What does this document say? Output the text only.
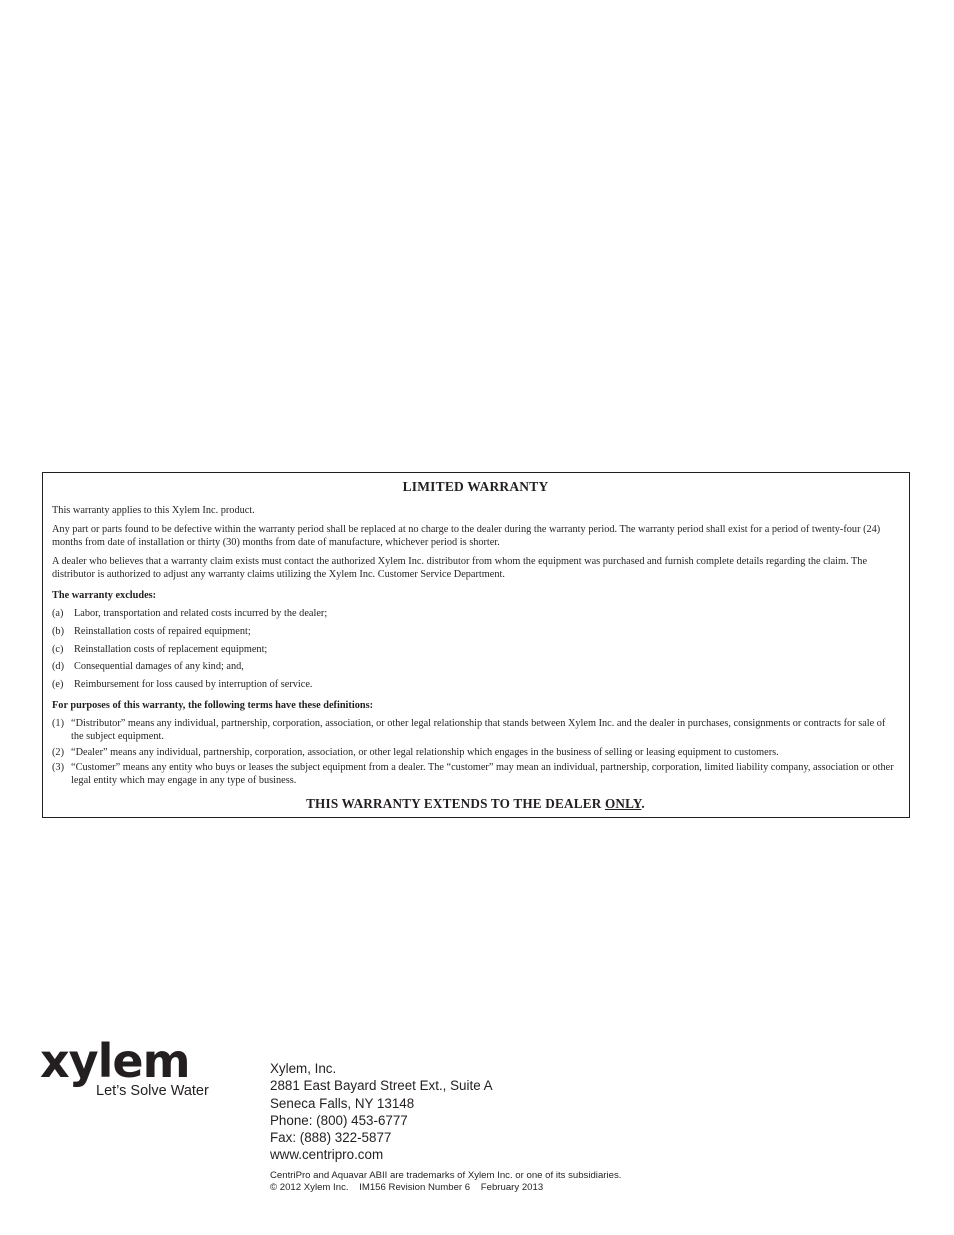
LIMITED WARRANTY

This warranty applies to this Xylem Inc. product.

Any part or parts found to be defective within the warranty period shall be replaced at no charge to the dealer during the warranty period. The warranty period shall exist for a period of twenty-four (24) months from date of installation or thirty (30) months from date of manufacture, whichever period is shorter.

A dealer who believes that a warranty claim exists must contact the authorized Xylem Inc. distributor from whom the equipment was purchased and furnish complete details regarding the claim. The distributor is authorized to adjust any warranty claims utilizing the Xylem Inc. Customer Service Department.

The warranty excludes:
(a)	Labor, transportation and related costs incurred by the dealer;
(b) Reinstallation costs of repaired equipment;
(c)	Reinstallation costs of replacement equipment;
(d) Consequential damages of any kind; and,
(e)	Reimbursement for loss caused by interruption of service.
For purposes of this warranty, the following terms have these definitions:
(1) “Distributor” means any individual, partnership, corporation, association, or other legal relationship that stands between Xylem Inc. and the dealer in purchases, consignments or contracts for sale of the subject equipment.
(2) “Dealer” means any individual, partnership, corporation, association, or other legal relationship which engages in the business of selling or leasing equipment to customers.
(3) “Customer” means any entity who buys or leases the subject equipment from a dealer. The “customer” may mean an individual, partnership, corporation, limited liability company, association or other legal entity which may engage in any type of business.
THIS WARRANTY EXTENDS TO THE DEALER ONLY.
xylem
Let’s Solve Water
Xylem, Inc.
2881 East Bayard Street Ext., Suite A
Seneca Falls, NY 13148
Phone: (800) 453-6777
Fax: (888) 322-5877
www.centripro.com
CentriPro and Aquavar ABII are trademarks of Xylem Inc. or one of its subsidiaries.
© 2012 Xylem Inc.    IM156 Revision Number 6    February 2013
